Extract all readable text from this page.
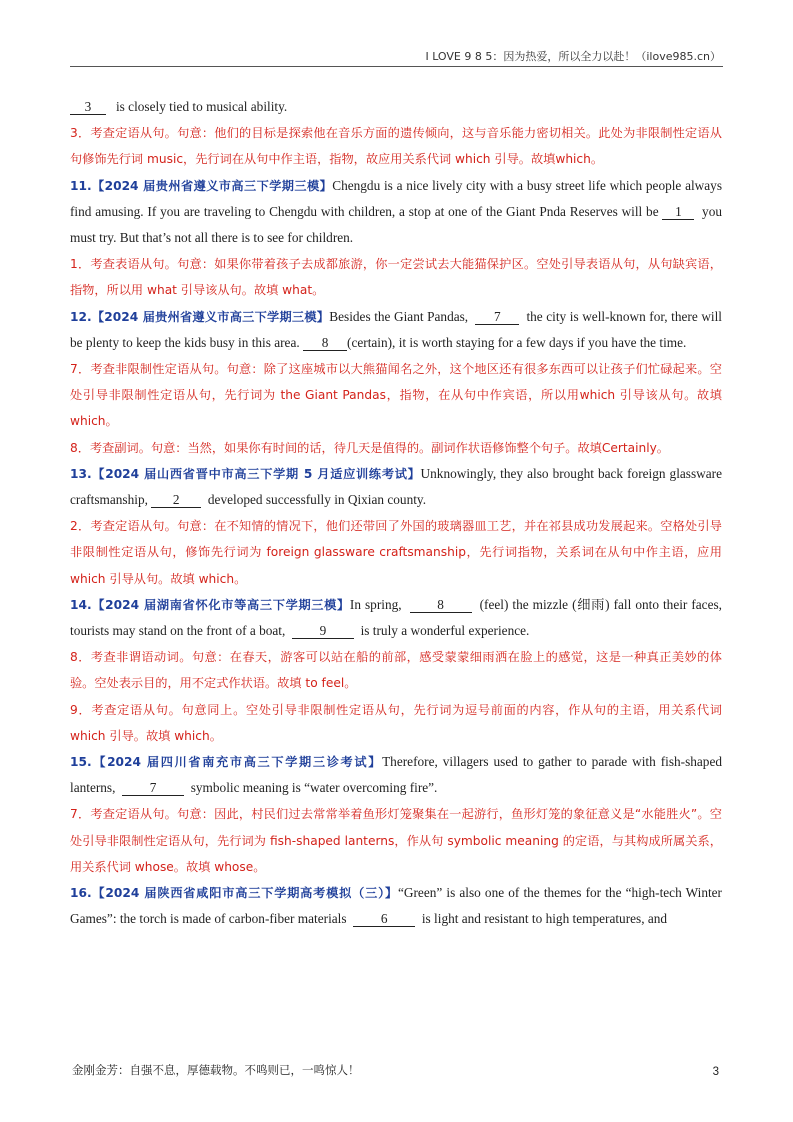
I LOVE 9 8 5：因为热爱，所以全力以赴！（ilove985.cn）

3 is closely tied to musical ability.

3．考查定语从句。句意：他们的目标是探索他在音乐方面的遗传倾向，这与音乐能力密切相关。此处为非限制性定语从句修饰先行词 music，先行词在从句中作主语，指物，故应用关系代词 which 引导。故填which。

11.【2024 届贵州省遵义市高三下学期三模】Chengdu is a nice lively city with a busy street life which people always find amusing. If you are traveling to Chengdu with children, a stop at one of the Giant Pnda Reserves will be 1 you must try. But that’s not all there is to see for children.

1．考查表语从句。句意：如果你带着孩子去成都旅游，你一定尝试去大能猫保护区。空处引导表语从句，从句缺宾语，指物，所以用 what 引导该从句。故填 what。

12.【2024 届贵州省遵义市高三下学期三模】Besides the Giant Pandas, 7 the city is well-known for, there will be plenty to keep the kids busy in this area. 8 (certain), it is worth staying for a few days if you have the time.

7．考查非限制性定语从句。句意：除了这座城市以大熊猫闻名之外，这个地区还有很多东西可以让孩子们忙碌起来。空处引导非限制性定语从句，先行词为 the Giant Pandas，指物，在从句中作宾语，所以用which 引导该从句。故填 which。

8．考查副词。句意：当然，如果你有时间的话，待几天是值得的。副词作状语修饰整个句子。故填Certainly。

13.【2024 届山西省晋中市高三下学期 5 月适应训练考试】Unknowingly, they also brought back foreign glassware craftsmanship, 2 developed successfully in Qixian county.

2．考查定语从句。句意：在不知情的情况下，他们还带回了外国的玻璃器皿工艺，并在祁县成功发展起来。空格处引导非限制性定语从句，修饰先行词为 foreign glassware craftsmanship，先行词指物，关系词在从句中作主语，应用 which 引导从句。故填 which。

14.【2024 届湖南省怀化市等高三下学期三模】In spring,	8	(feel) the mizzle (细雨) fall onto their faces, tourists may stand on the front of a boat,	9	is truly a wonderful experience.

8．考查非谓语动词。句意：在春天，游客可以站在船的前部，感受蒙蒙细雨洒在脸上的感觉，这是一种真正美妙的体验。空处表示目的，用不定式作状语。故填 to feel。

9．考查定语从句。句意同上。空处引导非限制性定语从句，先行词为逗号前面的内容，作从句的主语，用关系代词 which 引导。故填 which。

15.【2024 届四川省南充市高三下学期三诊考试】Therefore, villagers used to gather to parade with fish-shaped lanterns,	7	symbolic meaning is “water overcoming fire”.

7．考查定语从句。句意：因此，村民们过去常常举着鱼形灯笼聚集在一起游行，鱼形灯笼的象征意义是“水能胜火”。空处引导非限制性定语从句，先行词为 fish-shaped lanterns，作从句 symbolic meaning 的定语，与其构成所属关系，用关系代词 whose。故填 whose。

16.【2024 届陕西省咸阳市高三下学期高考模拟（三）】“Green” is also one of the themes for the “high-tech Winter Games”: the torch is made of carbon-fiber materials	6	is light and resistant to high temperatures, and

金刚金芳：自强不息，厚德载物。不鸣则已，一鸣惊人！	3
